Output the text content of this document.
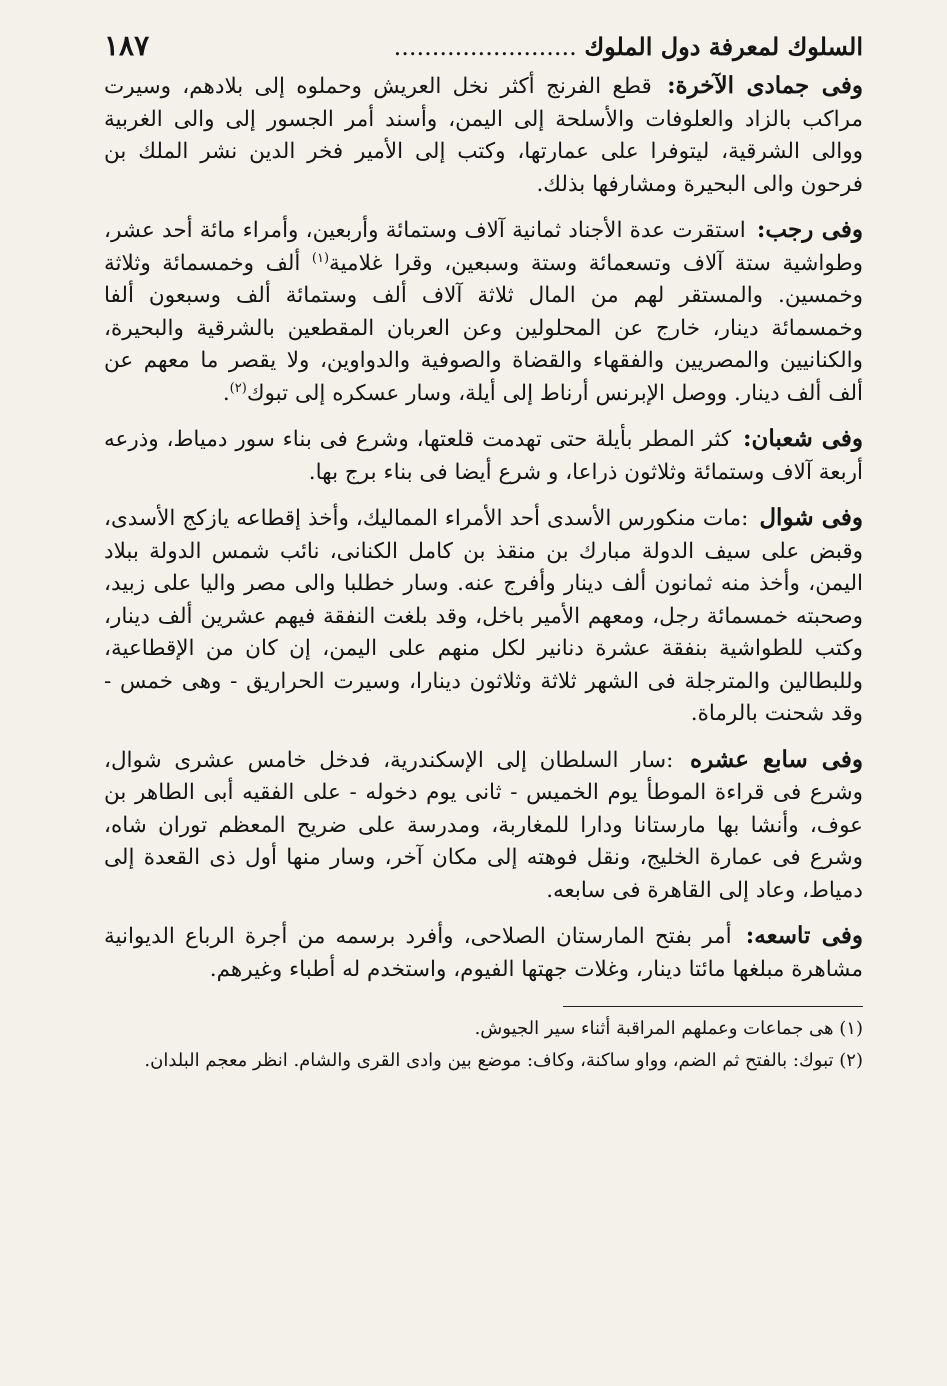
السلوك لمعرفة دول الملوك .....
١٨٧

وفى جمادى الآخرة: قطع الفرنج أكثر نخل العريش وحملوه إلى بلادهم، وسيرت مراكب بالزاد والعلوفات والأسلحة إلى اليمن، وأسند أمر الجسور إلى والى الغربية ووالى الشرقية، ليتوفرا على عمارتها، وكتب إلى الأمير فخر الدين نشر الملك بن فرحون والى البحيرة ومشارفها بذلك.

وفى رجب: استقرت عدة الأجناد ثمانية آلاف وستمائة وأربعين، وأمراء مائة أحد عشر، وطواشية ستة آلاف وتسعمائة وستة وسبعين، وقرا غلامية$^{(١)}$ ألف وخمسمائة وثلاثة وخمسين. والمستقر لهم من المال ثلاثة آلاف ألف وستمائة ألف وسبعون ألفا وخمسمائة دينار، خارج عن المحلولين وعن العربان المقطعين بالشرقية والبحيرة، والكنانيين والمصريين والفقهاء والقضاة والصوفية والدواوين، ولا يقصر ما معهم عن ألف ألف دينار. ووصل الإبرنس أرناط إلى أيلة، وسار عسكره إلى تبوك$^{(٢)}$.

وفى شعبان: كثر المطر بأيلة حتى تهدمت قلعتها، وشرع فى بناء سور دمياط، وذرعه أربعة آلاف وستمائة وثلاثون ذراعا، و شرع أيضا فى بناء برج بها.

وفى شوال :مات منكورس الأسدى أحد الأمراء المماليك، وأخذ إقطاعه يازكج الأسدى، وقبض على سيف الدولة مبارك بن منقذ بن كامل الكنانى، نائب شمس الدولة ببلاد اليمن، وأخذ منه ثمانون ألف دينار وأفرج عنه. وسار خطلبا والى مصر واليا على زبيد، وصحبته خمسمائة رجل، ومعهم الأمير باخل، وقد بلغت النفقة فيهم عشرين ألف دينار، وكتب للطواشية بنفقة عشرة دنانير لكل منهم على اليمن، إن كان من الإقطاعية، وللبطالين والمترجلة فى الشهر ثلاثة وثلاثون دينارا، وسيرت الحراريق - وهى خمس - وقد شحنت بالرماة.

وفى سابع عشره :سار السلطان إلى الإسكندرية، فدخل خامس عشرى شوال، وشرع فى قراءة الموطأ يوم الخميس - ثانى يوم دخوله - على الفقيه أبى الطاهر بن عوف، وأنشا بها مارستانا ودارا للمغاربة، ومدرسة على ضريح المعظم توران شاه، وشرع فى عمارة الخليج، ونقل فوهته إلى مكان آخر، وسار منها أول ذى القعدة إلى دمياط، وعاد إلى القاهرة فى سابعه.

وفى تاسعه: أمر بفتح المارستان الصلاحى، وأفرد برسمه من أجرة الرباع الديوانية مشاهرة مبلغها مائتا دينار، وغلات جهتها الفيوم، واستخدم له أطباء وغيرهم.

(١) هى جماعات وعملهم المراقبة أثناء سير الجيوش.

(٢) تبوك: بالفتح ثم الضم، وواو ساكنة، وكاف: موضع بين وادى القرى والشام. انظر معجم البلدان.
